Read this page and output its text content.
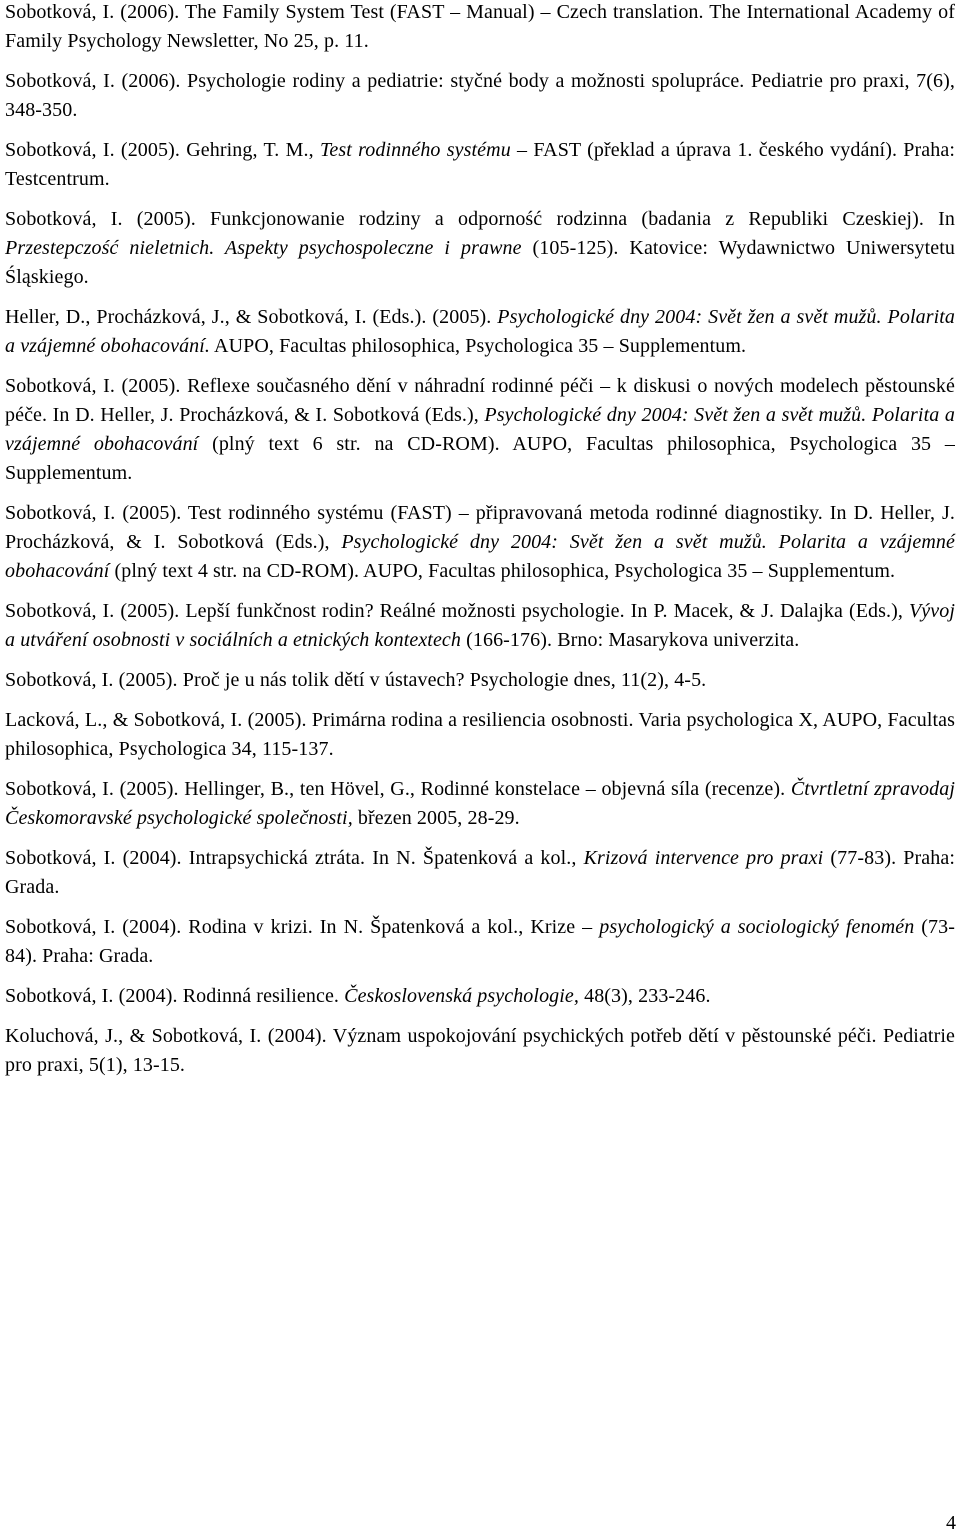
Sobotková, I. (2006). The Family System Test (FAST – Manual) – Czech translation. The International Academy of Family Psychology Newsletter, No 25, p. 11.

Sobotková, I. (2006). Psychologie rodiny a pediatrie: styčné body a možnosti spolupráce. Pediatrie pro praxi, 7(6), 348-350.

Sobotková, I. (2005). Gehring, T. M., Test rodinného systému – FAST (překlad a úprava 1. českého vydání). Praha: Testcentrum.

Sobotková, I. (2005). Funkcjonowanie rodziny a odporność rodzinna (badania z Republiki Czeskiej). In Przestepczość nieletnich. Aspekty psychospoleczne i prawne (105-125). Katovice: Wydawnictwo Uniwersytetu Śląskiego.

Heller, D., Procházková, J., & Sobotková, I. (Eds.). (2005). Psychologické dny 2004: Svět žen a svět mužů. Polarita a vzájemné obohacování. AUPO, Facultas philosophica, Psychologica 35 – Supplementum.

Sobotková, I. (2005). Reflexe současného dění v náhradní rodinné péči – k diskusi o nových modelech pěstounské péče. In D. Heller, J. Procházková, & I. Sobotková (Eds.), Psychologické dny 2004: Svět žen a svět mužů. Polarita a vzájemné obohacování (plný text 6 str. na CD-ROM). AUPO, Facultas philosophica, Psychologica 35 – Supplementum.

Sobotková, I. (2005). Test rodinného systému (FAST) – připravovaná metoda rodinné diagnostiky. In D. Heller, J. Procházková, & I. Sobotková (Eds.), Psychologické dny 2004: Svět žen a svět mužů. Polarita a vzájemné obohacování (plný text 4 str. na CD-ROM). AUPO, Facultas philosophica, Psychologica 35 – Supplementum.

Sobotková, I. (2005). Lepší funkčnost rodin? Reálné možnosti psychologie. In P. Macek, & J. Dalajka (Eds.), Vývoj a utváření osobnosti v sociálních a etnických kontextech (166-176). Brno: Masarykova univerzita.

Sobotková, I. (2005). Proč je u nás tolik dětí v ústavech? Psychologie dnes, 11(2), 4-5.

Lacková, L., & Sobotková, I. (2005). Primárna rodina a resiliencia osobnosti. Varia psychologica X, AUPO, Facultas philosophica, Psychologica 34, 115-137.

Sobotková, I. (2005). Hellinger, B., ten Hövel, G., Rodinné konstelace – objevná síla (recenze). Čtvrtletní zpravodaj Českomoravské psychologické společnosti, březen 2005, 28-29.

Sobotková, I. (2004). Intrapsychická ztráta. In N. Špatenková a kol., Krizová intervence pro praxi (77-83). Praha: Grada.

Sobotková, I. (2004). Rodina v krizi. In N. Špatenková a kol., Krize – psychologický a sociologický fenomén (73-84). Praha: Grada.

Sobotková, I. (2004). Rodinná resilience. Československá psychologie, 48(3), 233-246.

Koluchová, J., & Sobotková, I. (2004). Význam uspokojování psychických potřeb dětí v pěstounské péči. Pediatrie pro praxi, 5(1), 13-15.

4
